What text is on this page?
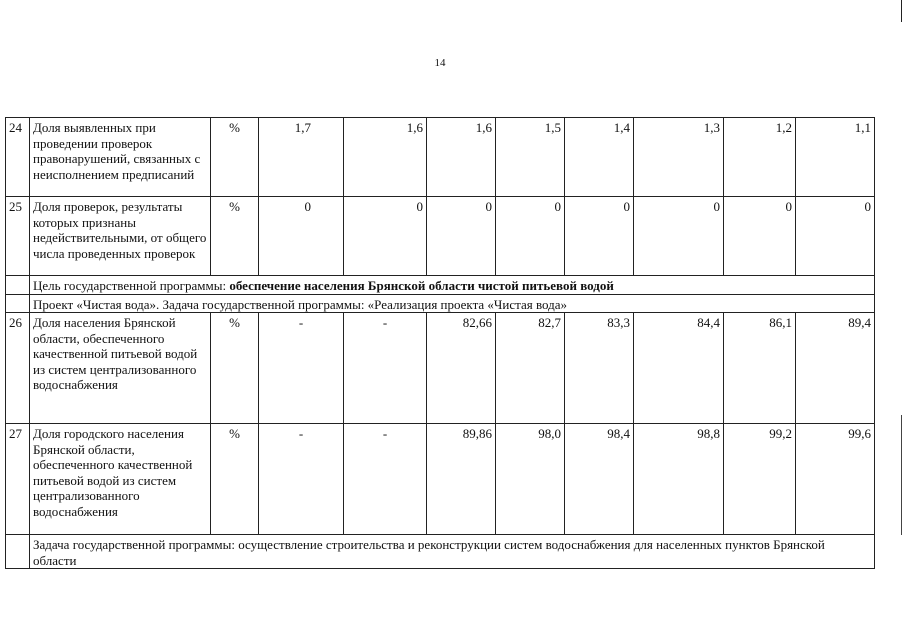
14
24	Доля выявленных при проведении проверок правонарушений, связанных с неисполнением предписаний	%	1,7	1,6	1,6	1,5	1,4	1,3	1,2	1,1
25	Доля проверок, результаты которых признаны недействительными, от общего числа проведенных проверок	%	0	0	0	0	0	0	0	0
	Цель государственной программы: обеспечение населения Брянской области чистой питьевой водой									
	Проект «Чистая вода». Задача государственной программы: «Реализация проекта «Чистая вода»									
26	Доля населения Брянской области, обеспеченного качественной питьевой водой из систем централизованного водоснабжения	%	-	-	82,66	82,7	83,3	84,4	86,1	89,4
27	Доля городского населения Брянской области, обеспеченного качественной питьевой водой из систем централизованного водоснабжения	%	-	-	89,86	98,0	98,4	98,8	99,2	99,6
	Задача государственной программы: осуществление строительства и реконструкции систем водоснабжения для населенных пунктов Брянской области									
